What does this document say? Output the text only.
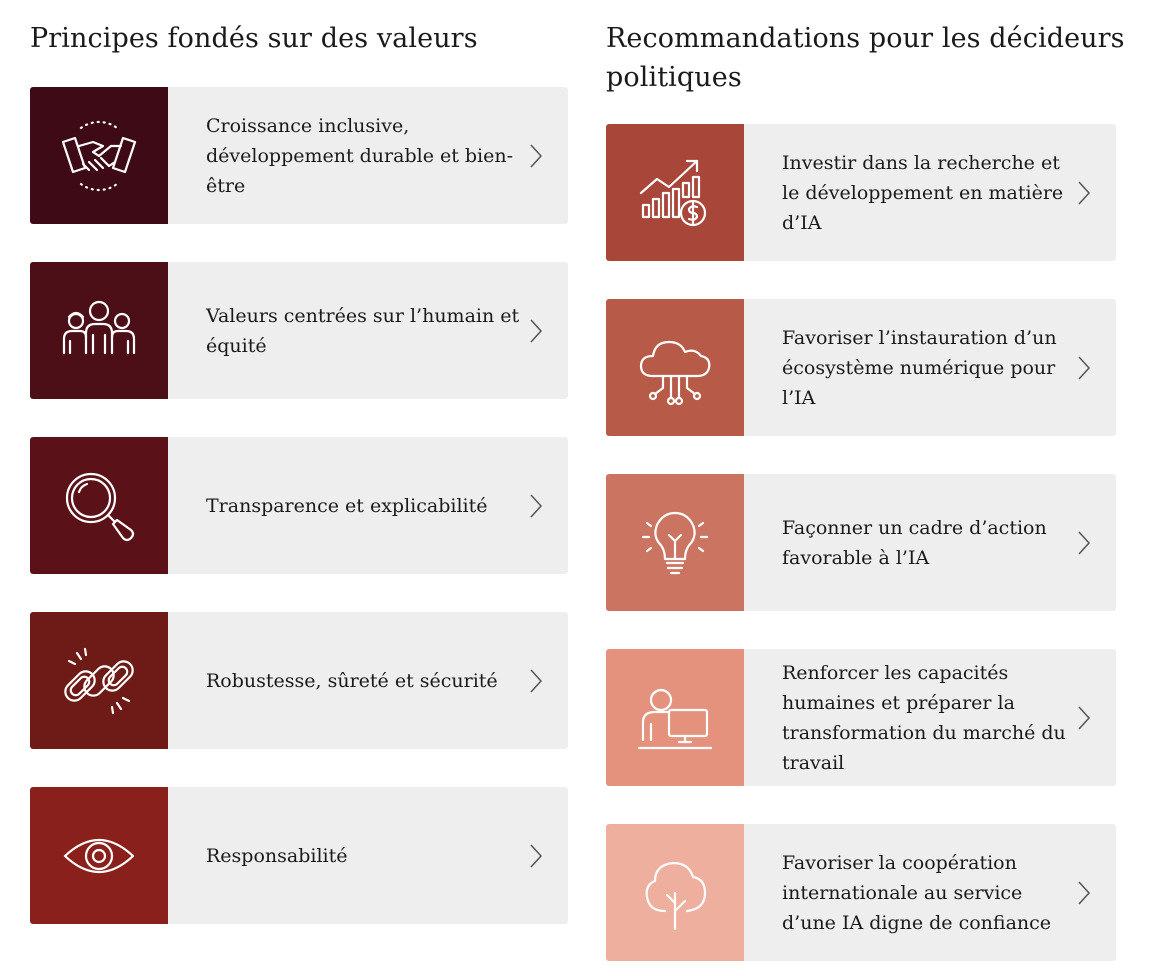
Principes fondés sur des valeurs
Croissance inclusive, développement durable et bien-être
Valeurs centrées sur l’humain et équité
Transparence et explicabilité
Robustesse, sûreté et sécurité
Responsabilité
Recommandations pour les décideurs politiques
Investir dans la recherche et le développement en matière d’IA
Favoriser l’instauration d’un écosystème numérique pour l’IA
Façonner un cadre d’action favorable à l’IA
Renforcer les capacités humaines et préparer la transformation du marché du travail
Favoriser la coopération internationale au service d’une IA digne de confiance
